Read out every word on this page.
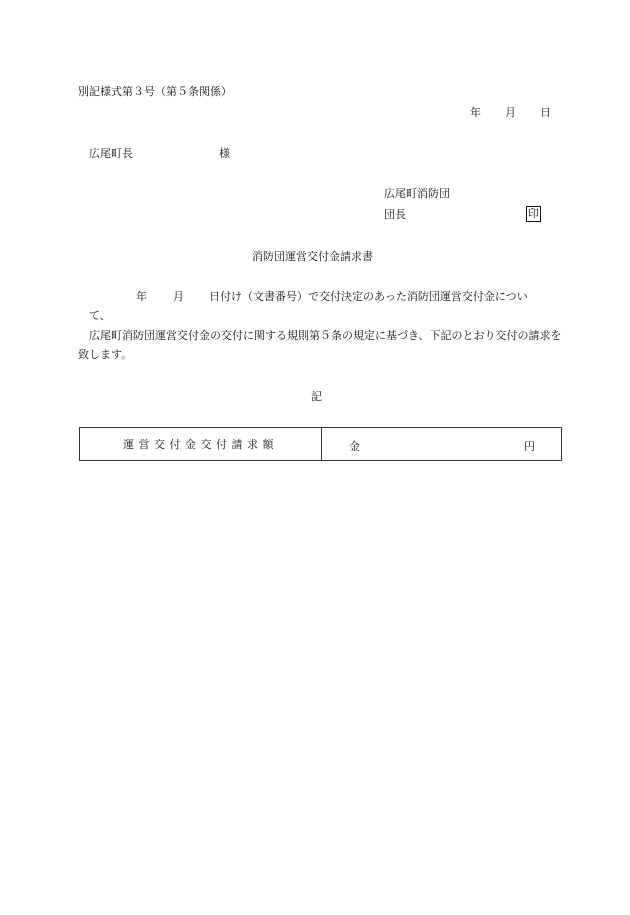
別記様式第３号（第５条関係）
年 月 日
広尾町長	様
広尾町消防団
団長	印
消防団運営交付金請求書
年 月 日付け（文書番号）で交付決定のあった消防団運営交付金につい
て、
広尾町消防団運営交付金の交付に関する規則第５条の規定に基づき、下記のとおり交付の請求を致します。
記
運営交付金交付請求額	金	円
